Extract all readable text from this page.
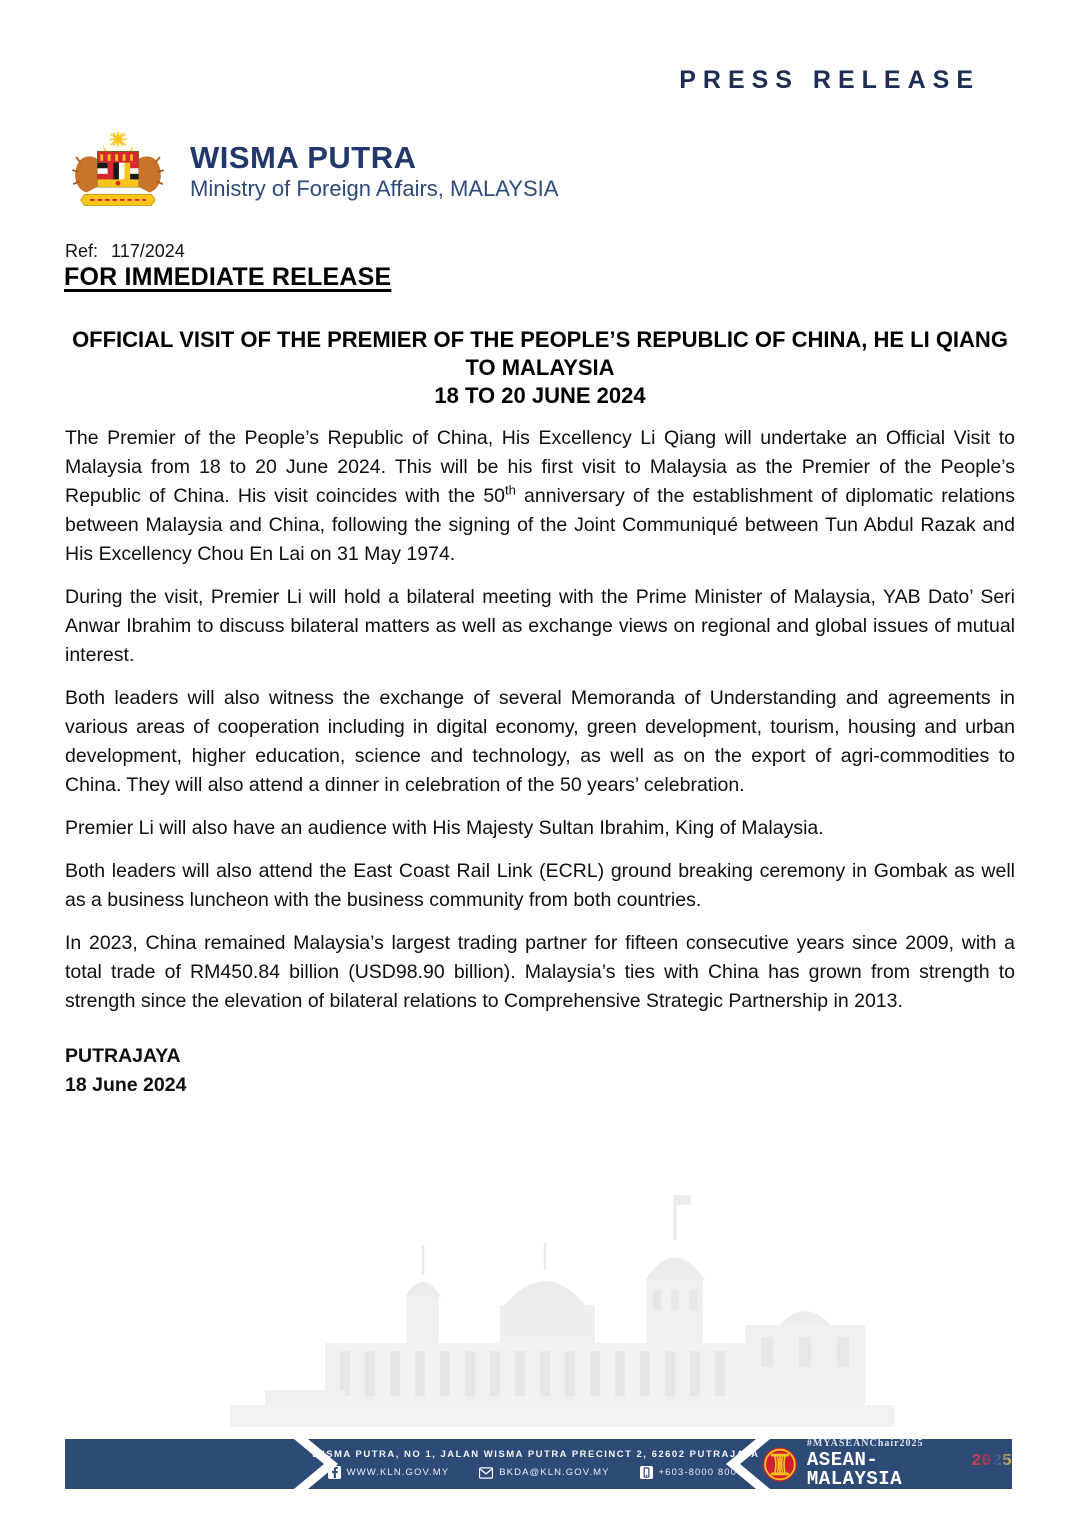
PRESS RELEASE
WISMA PUTRA
Ministry of Foreign Affairs, MALAYSIA
Ref: 117/2024
FOR IMMEDIATE RELEASE
OFFICIAL VISIT OF THE PREMIER OF THE PEOPLE’S REPUBLIC OF CHINA, HE LI QIANG
TO MALAYSIA
18 TO 20 JUNE 2024

The Premier of the People’s Republic of China, His Excellency Li Qiang will undertake an Official Visit to Malaysia from 18 to 20 June 2024. This will be his first visit to Malaysia as the Premier of the People’s Republic of China. His visit coincides with the 50th anniversary of the establishment of diplomatic relations between Malaysia and China, following the signing of the Joint Communiqué between Tun Abdul Razak and His Excellency Chou En Lai on 31 May 1974.

During the visit, Premier Li will hold a bilateral meeting with the Prime Minister of Malaysia, YAB Dato’ Seri Anwar Ibrahim to discuss bilateral matters as well as exchange views on regional and global issues of mutual interest.

Both leaders will also witness the exchange of several Memoranda of Understanding and agreements in various areas of cooperation including in digital economy, green development, tourism, housing and urban development, higher education, science and technology, as well as on the export of agri-commodities to China. They will also attend a dinner in celebration of the 50 years’ celebration.

Premier Li will also have an audience with His Majesty Sultan Ibrahim, King of Malaysia.

Both leaders will also attend the East Coast Rail Link (ECRL) ground breaking ceremony in Gombak as well as a business luncheon with the business community from both countries.

In 2023, China remained Malaysia’s largest trading partner for fifteen consecutive years since 2009, with a total trade of RM450.84 billion (USD98.90 billion). Malaysia’s ties with China has grown from strength to strength since the elevation of bilateral relations to Comprehensive Strategic Partnership in 2013.

PUTRAJAYA
18 June 2024
WISMA PUTRA, NO 1, JALAN WISMA PUTRA PRECINCT 2, 62602 PUTRAJAYA
WWW.KLN.GOV.MY	BKDA@KLN.GOV.MY	+603-8000 8000
#MYASEANChair2025
ASEAN-MALAYSIA
2025
